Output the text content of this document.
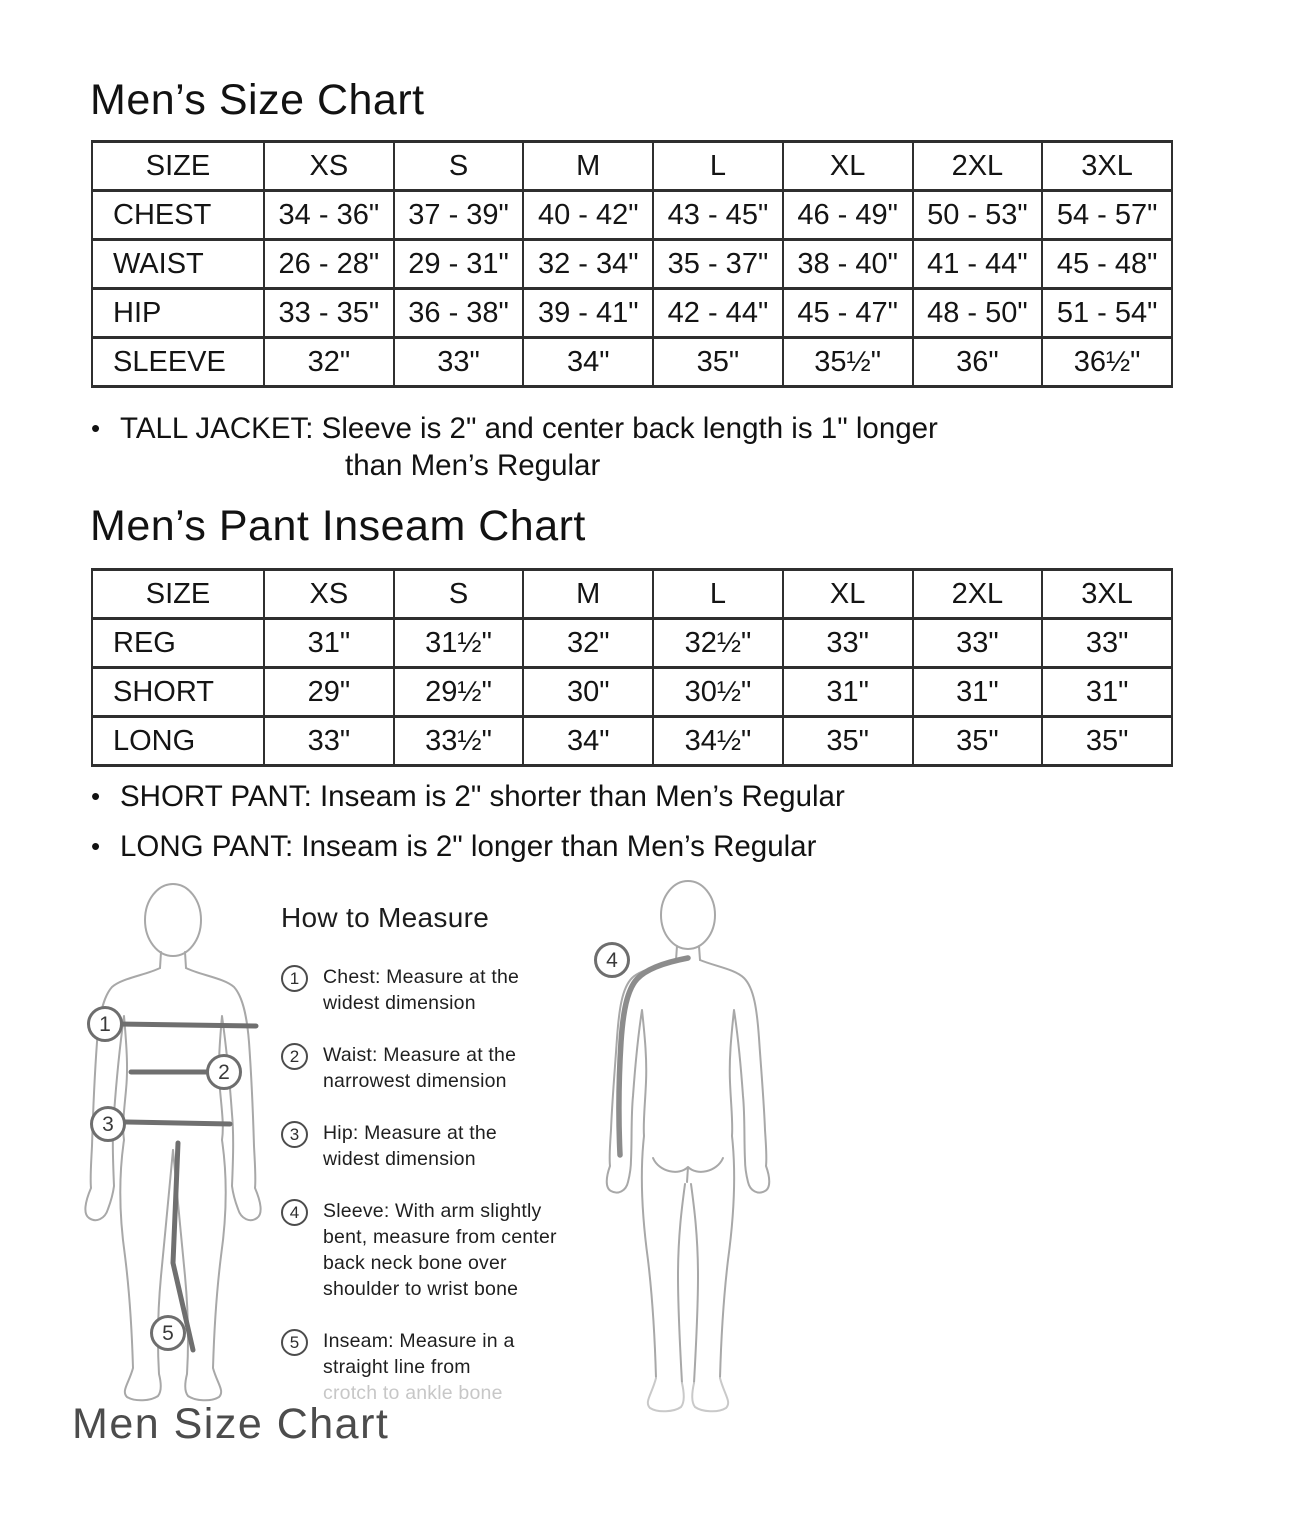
Men’s Size Chart
SIZE	XS	S	M	L	XL	2XL	3XL
CHEST	34 - 36"	37 - 39"	40 - 42"	43 - 45"	46 - 49"	50 - 53"	54 - 57"
WAIST	26 - 28"	29 - 31"	32 - 34"	35 - 37"	38 - 40"	41 - 44"	45 - 48"
HIP	33 - 35"	36 - 38"	39 - 41"	42 - 44"	45 - 47"	48 - 50"	51 - 54"
SLEEVE	32"	33"	34"	35"	35½"	36"	36½"
• TALL JACKET: Sleeve is 2" and center back length is 1" longer
than Men’s Regular
Men’s Pant Inseam Chart
SIZE	XS	S	M	L	XL	2XL	3XL
REG	31"	31½"	32"	32½"	33"	33"	33"
SHORT	29"	29½"	30"	30½"	31"	31"	31"
LONG	33"	33½"	34"	34½"	35"	35"	35"
• SHORT PANT: Inseam is 2" shorter than Men’s Regular
• LONG PANT: Inseam is 2" longer than Men’s Regular
1
2
3
5
How to Measure
1	Chest: Measure at the
widest dimension
2	Waist: Measure at the
narrowest dimension
3	Hip: Measure at the
widest dimension
4	Sleeve: With arm slightly
bent, measure from center
back neck bone over
shoulder to wrist bone
5	Inseam: Measure in a
straight line from
crotch to ankle bone
4
Men Size Chart
